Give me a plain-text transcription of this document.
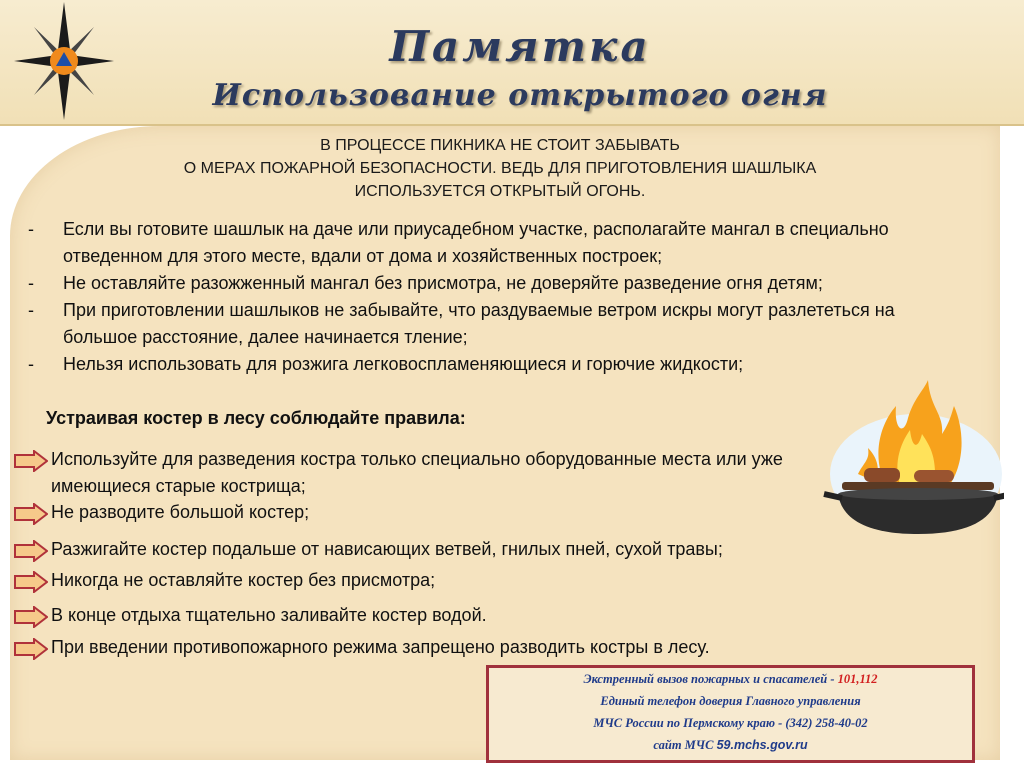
Памятка
Использование открытого огня
В ПРОЦЕССЕ ПИКНИКА НЕ СТОИТ ЗАБЫВАТЬ
О МЕРАХ ПОЖАРНОЙ БЕЗОПАСНОСТИ. ВЕДЬ ДЛЯ ПРИГОТОВЛЕНИЯ ШАШЛЫКА
ИСПОЛЬЗУЕТСЯ ОТКРЫТЫЙ ОГОНЬ.

- Если вы готовите шашлык на даче или приусадебном участке, располагайте мангал в специально отведенном для этого месте, вдали от дома и хозяйственных построек;

- Не оставляйте разожженный мангал без присмотра, не доверяйте разведение огня детям;

- При приготовлении шашлыков не забывайте, что раздуваемые ветром искры могут разлететься на большое расстояние, далее начинается тление;

- Нельзя использовать для розжига легковоспламеняющиеся и горючие жидкости;

Устраивая костер в лесу соблюдайте правила:
Используйте для разведения костра только специально оборудованные места или уже имеющиеся старые кострища;
Не разводите большой костер;
Разжигайте костер подальше от нависающих ветвей, гнилых пней, сухой травы;
Никогда не оставляйте костер без присмотра;
В конце отдыха тщательно заливайте костер водой.
При введении противопожарного режима запрещено разводить костры в лесу.
Экстренный вызов пожарных и спасателей - 101,112
Единый телефон доверия Главного управления
МЧС России по Пермскому краю - (342) 258-40-02
сайт МЧС 59.mchs.gov.ru
